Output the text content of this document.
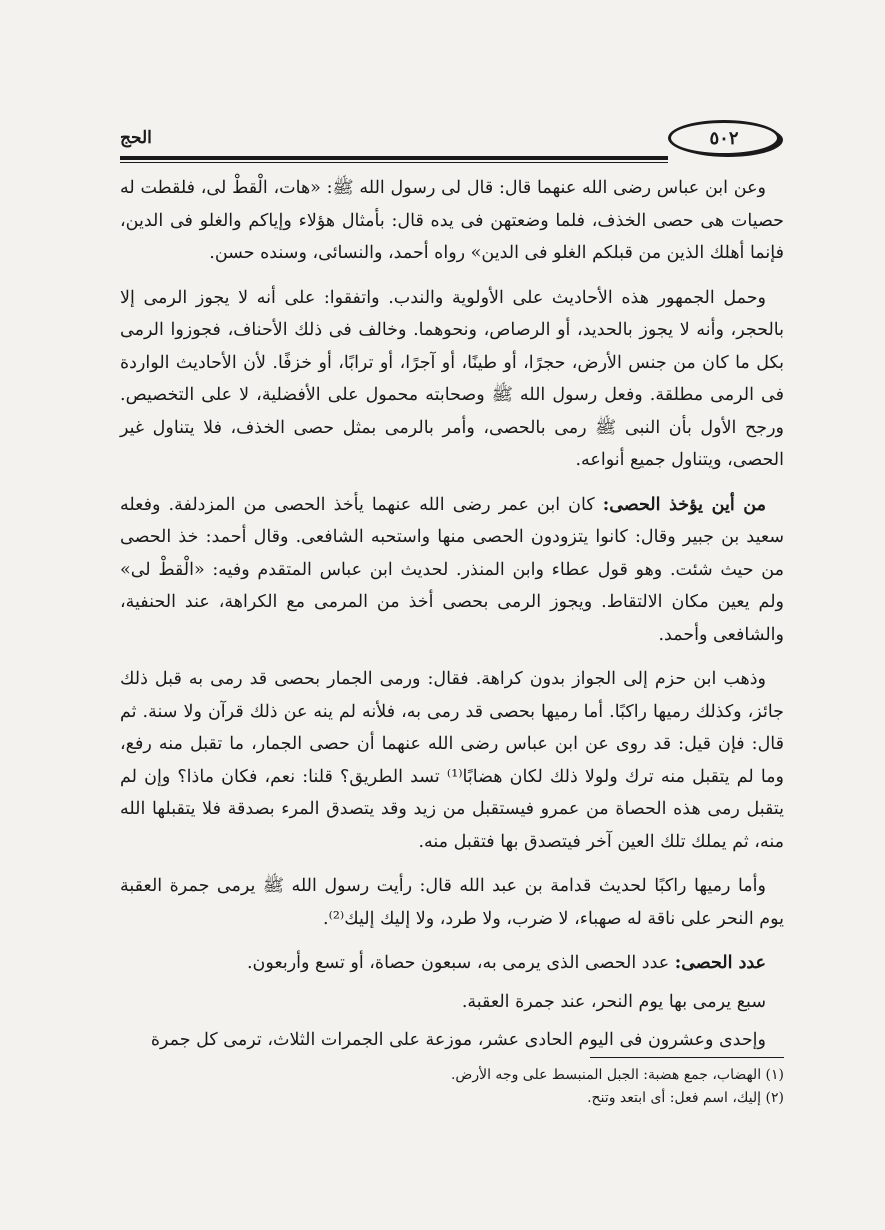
الحج	٥٠٢

وعن ابن عباس رضى الله عنهما قال: قال لى رسول الله ﷺ: «هات، الْقطْ لى، فلقطت له حصيات هى حصى الخذف، فلما وضعتهن فى يده قال: بأمثال هؤلاء وإياكم والغلو فى الدين، فإنما أهلك الذين من قبلكم الغلو فى الدين» رواه أحمد، والنسائى، وسنده حسن.

وحمل الجمهور هذه الأحاديث على الأولوية والندب. واتفقوا: على أنه لا يجوز الرمى إلا بالحجر، وأنه لا يجوز بالحديد، أو الرصاص، ونحوهما. وخالف فى ذلك الأحناف، فجوزوا الرمى بكل ما كان من جنس الأرض، حجرًا، أو طينًا، أو آجرًا، أو ترابًا، أو خزفًا. لأن الأحاديث الواردة فى الرمى مطلقة. وفعل رسول الله ﷺ وصحابته محمول على الأفضلية، لا على التخصيص. ورجح الأول بأن النبى ﷺ رمى بالحصى، وأمر بالرمى بمثل حصى الخذف، فلا يتناول غير الحصى، ويتناول جميع أنواعه.

من أين يؤخذ الحصى: كان ابن عمر رضى الله عنهما يأخذ الحصى من المزدلفة. وفعله سعيد بن جبير وقال: كانوا يتزودون الحصى منها واستحبه الشافعى. وقال أحمد: خذ الحصى من حيث شئت. وهو قول عطاء وابن المنذر. لحديث ابن عباس المتقدم وفيه: «الْقطْ لى» ولم يعين مكان الالتقاط. ويجوز الرمى بحصى أخذ من المرمى مع الكراهة، عند الحنفية، والشافعى وأحمد.

وذهب ابن حزم إلى الجواز بدون كراهة. فقال: ورمى الجمار بحصى قد رمى به قبل ذلك جائز، وكذلك رميها راكبًا. أما رميها بحصى قد رمى به، فلأنه لم ينه عن ذلك قرآن ولا سنة. ثم قال: فإن قيل: قد روى عن ابن عباس رضى الله عنهما أن حصى الجمار، ما تقبل منه رفع، وما لم يتقبل منه ترك ولولا ذلك لكان هضابًا⁽¹⁾ تسد الطريق؟ قلنا: نعم، فكان ماذا؟ وإن لم يتقبل رمى هذه الحصاة من عمرو فيستقبل من زيد وقد يتصدق المرء بصدقة فلا يتقبلها الله منه، ثم يملك تلك العين آخر فيتصدق بها فتقبل منه.

وأما رميها راكبًا لحديث قدامة بن عبد الله قال: رأيت رسول الله ﷺ يرمى جمرة العقبة يوم النحر على ناقة له صهباء، لا ضرب، ولا طرد، ولا إليك إليك⁽²⁾.

عدد الحصى: عدد الحصى الذى يرمى به، سبعون حصاة، أو تسع وأربعون.

سبع يرمى بها يوم النحر، عند جمرة العقبة.

وإحدى وعشرون فى اليوم الحادى عشر، موزعة على الجمرات الثلاث، ترمى كل جمرة

(١) الهضاب، جمع هضبة: الجبل المنبسط على وجه الأرض.
(٢) إليك، اسم فعل: أى ابتعد وتنح.
